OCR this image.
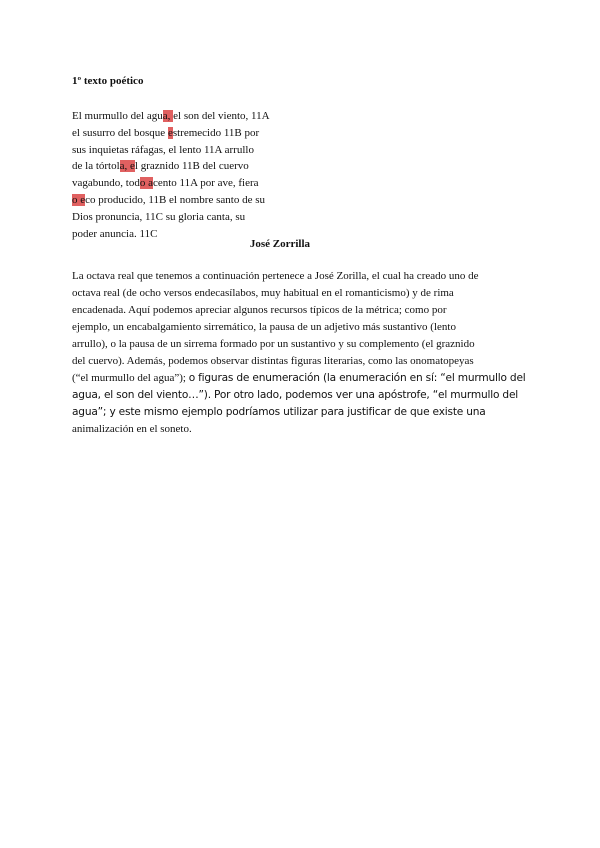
1º texto poético
El murmullo del agua, el son del viento, 11A
el susurro del bosque estremecido 11B por
sus inquietas ráfagas, el lento 11A arrullo
de la tórtola, el graznido 11B del cuervo
vagabundo, todo acento 11A por ave, fiera
o eco producido, 11B el nombre santo de su
Dios pronuncia, 11C su gloria canta, su
poder anuncia. 11C
José Zorrilla
La octava real que tenemos a continuación pertenece a José Zorilla, el cual ha creado uno de
octava real (de ocho versos endecasílabos, muy habitual en el romanticismo) y de rima
encadenada. Aquí podemos apreciar algunos recursos típicos de la métrica; como por
ejemplo, un encabalgamiento sirremático, la pausa de un adjetivo más sustantivo (lento
arrullo), o la pausa de un sirrema formado por un sustantivo y su complemento (el graznido
del cuervo). Además, podemos observar distintas figuras literarias, como las onomatopeyas
(“el murmullo del agua”); o figuras de enumeración (la enumeración en sí: “el murmullo del
agua, el son del viento…”). Por otro lado, podemos ver una apóstrofe, “el murmullo del
agua”; y este mismo ejemplo podríamos utilizar para justificar de que existe una
animalización en el soneto.
